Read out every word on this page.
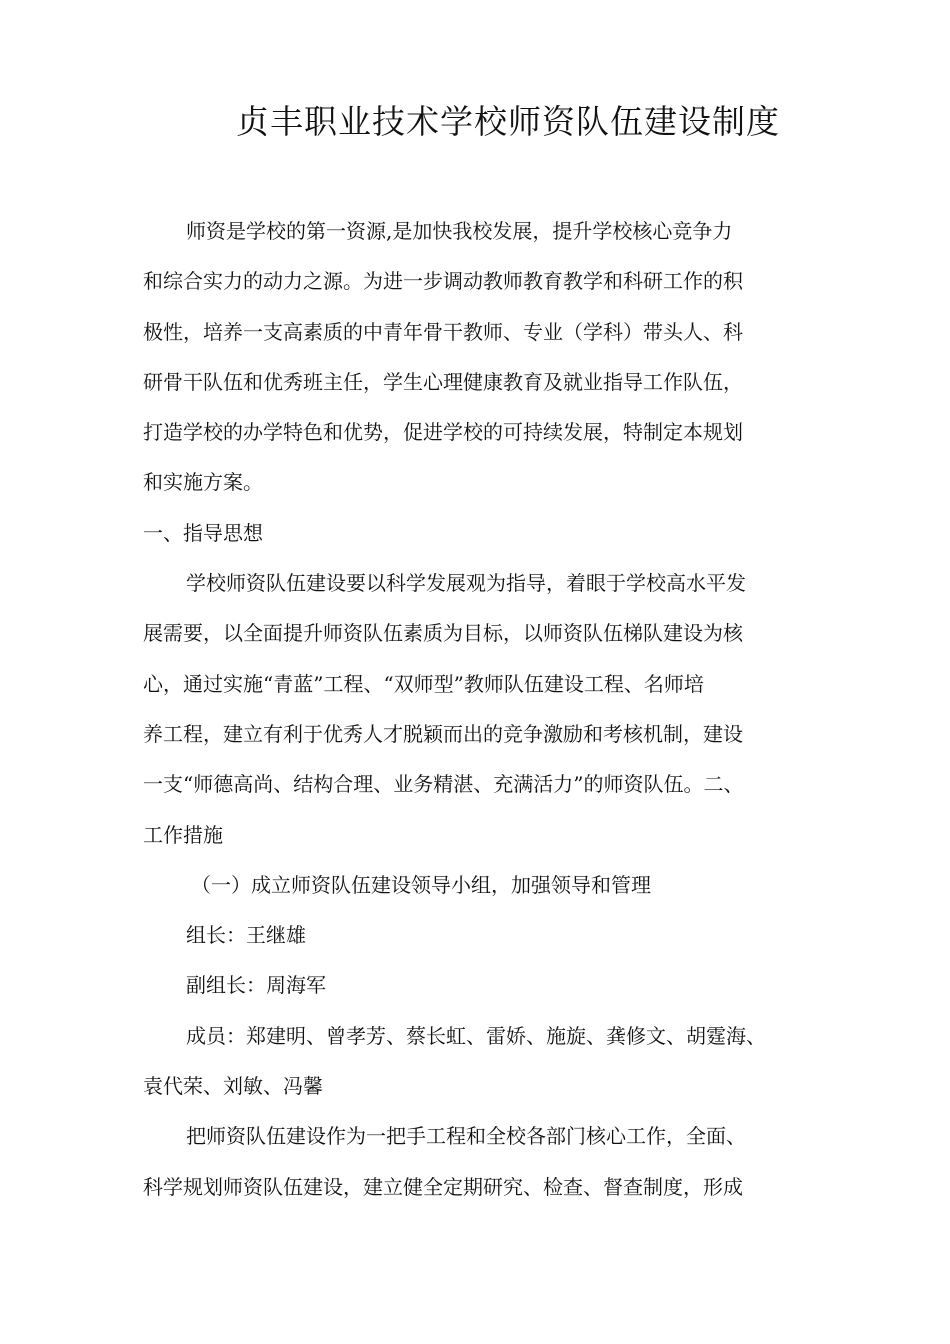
贞丰职业技术学校师资队伍建设制度

师资是学校的第一资源,是加快我校发展，提升学校核心竞争力

和综合实力的动力之源。为进一步调动教师教育教学和科研工作的积

极性，培养一支高素质的中青年骨干教师、专业（学科）带头人、科

研骨干队伍和优秀班主任，学生心理健康教育及就业指导工作队伍，

打造学校的办学特色和优势，促进学校的可持续发展，特制定本规划

和实施方案。

一、指导思想

学校师资队伍建设要以科学发展观为指导，着眼于学校高水平发

展需要，以全面提升师资队伍素质为目标，以师资队伍梯队建设为核

心，通过实施“青蓝”工程、“双师型”教师队伍建设工程、名师培

养工程，建立有利于优秀人才脱颖而出的竞争激励和考核机制，建设

一支“师德高尚、结构合理、业务精湛、充满活力”的师资队伍。二、

工作措施

（一）成立师资队伍建设领导小组，加强领导和管理

组长：王继雄

副组长：周海军

成员：郑建明、曾孝芳、蔡长虹、雷娇、施旋、龚修文、胡霆海、

袁代荣、刘敏、冯馨

把师资队伍建设作为一把手工程和全校各部门核心工作，全面、

科学规划师资队伍建设，建立健全定期研究、检查、督查制度，形成
